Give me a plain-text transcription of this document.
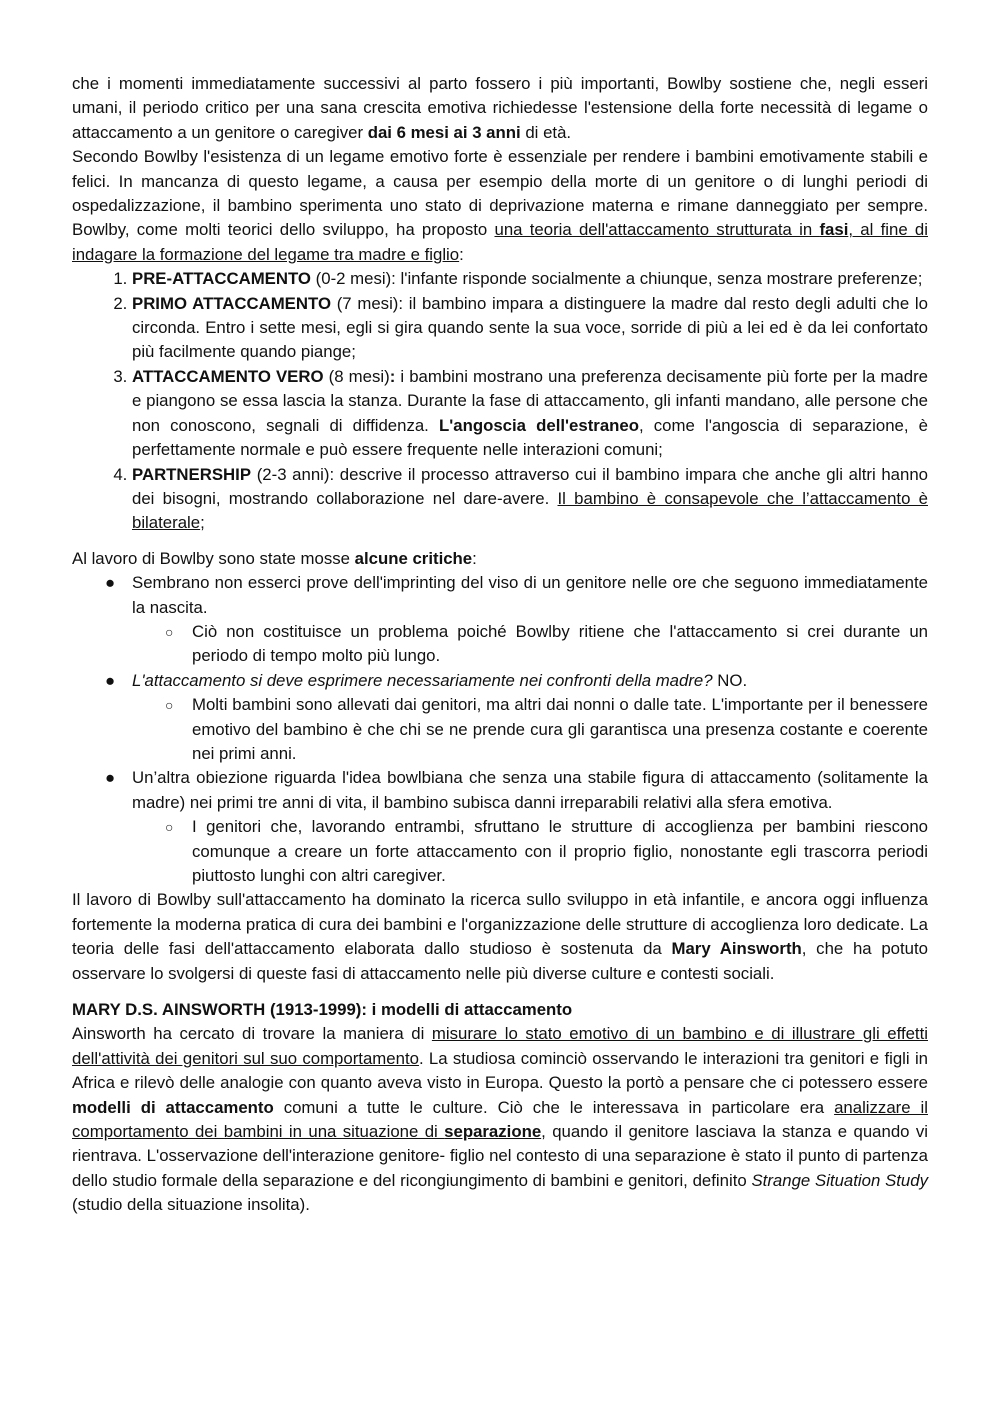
che i momenti immediatamente successivi al parto fossero i più importanti, Bowlby sostiene che, negli esseri umani, il periodo critico per una sana crescita emotiva richiedesse l'estensione della forte necessità di legame o attaccamento a un genitore o caregiver dai 6 mesi ai 3 anni di età.

Secondo Bowlby l'esistenza di un legame emotivo forte è essenziale per rendere i bambini emotivamente stabili e felici. In mancanza di questo legame, a causa per esempio della morte di un genitore o di lunghi periodi di ospedalizzazione, il bambino sperimenta uno stato di deprivazione materna e rimane danneggiato per sempre. Bowlby, come molti teorici dello sviluppo, ha proposto una teoria dell'attaccamento strutturata in fasi, al fine di indagare la formazione del legame tra madre e figlio:

1. PRE-ATTACCAMENTO (0-2 mesi): l'infante risponde socialmente a chiunque, senza mostrare preferenze;
2. PRIMO ATTACCAMENTO (7 mesi): il bambino impara a distinguere la madre dal resto degli adulti che lo circonda. Entro i sette mesi, egli si gira quando sente la sua voce, sorride di più a lei ed è da lei confortato più facilmente quando piange;
3. ATTACCAMENTO VERO (8 mesi): i bambini mostrano una preferenza decisamente più forte per la madre e piangono se essa lascia la stanza. Durante la fase di attaccamento, gli infanti mandano, alle persone che non conoscono, segnali di diffidenza. L'angoscia dell'estraneo, come l'angoscia di separazione, è perfettamente normale e può essere frequente nelle interazioni comuni;
4. PARTNERSHIP (2-3 anni): descrive il processo attraverso cui il bambino impara che anche gli altri hanno dei bisogni, mostrando collaborazione nel dare-avere. Il bambino è consapevole che l’attaccamento è bilaterale;

Al lavoro di Bowlby sono state mosse alcune critiche:

● Sembrano non esserci prove dell'imprinting del viso di un genitore nelle ore che seguono immediatamente la nascita.
○ Ciò non costituisce un problema poiché Bowlby ritiene che l'attaccamento si crei durante un periodo di tempo molto più lungo.
● L'attaccamento si deve esprimere necessariamente nei confronti della madre? NO.
○ Molti bambini sono allevati dai genitori, ma altri dai nonni o dalle tate. L'importante per il benessere emotivo del bambino è che chi se ne prende cura gli garantisca una presenza costante e coerente nei primi anni.
● Un’altra obiezione riguarda l'idea bowlbiana che senza una stabile figura di attaccamento (solitamente la madre) nei primi tre anni di vita, il bambino subisca danni irreparabili relativi alla sfera emotiva.
○ I genitori che, lavorando entrambi, sfruttano le strutture di accoglienza per bambini riescono comunque a creare un forte attaccamento con il proprio figlio, nonostante egli trascorra periodi piuttosto lunghi con altri caregiver.

Il lavoro di Bowlby sull'attaccamento ha dominato la ricerca sullo sviluppo in età infantile, e ancora oggi influenza fortemente la moderna pratica di cura dei bambini e l'organizzazione delle strutture di accoglienza loro dedicate. La teoria delle fasi dell'attaccamento elaborata dallo studioso è sostenuta da Mary Ainsworth, che ha potuto osservare lo svolgersi di queste fasi di attaccamento nelle più diverse culture e contesti sociali.

MARY D.S. AINSWORTH (1913-1999): i modelli di attaccamento

Ainsworth ha cercato di trovare la maniera di misurare lo stato emotivo di un bambino e di illustrare gli effetti dell'attività dei genitori sul suo comportamento. La studiosa cominciò osservando le interazioni tra genitori e figli in Africa e rilevò delle analogie con quanto aveva visto in Europa. Questo la portò a pensare che ci potessero essere modelli di attaccamento comuni a tutte le culture. Ciò che le interessava in particolare era analizzare il comportamento dei bambini in una situazione di separazione, quando il genitore lasciava la stanza e quando vi rientrava. L'osservazione dell'interazione genitore- figlio nel contesto di una separazione è stato il punto di partenza dello studio formale della separazione e del ricongiungimento di bambini e genitori, definito Strange Situation Study (studio della situazione insolita).
